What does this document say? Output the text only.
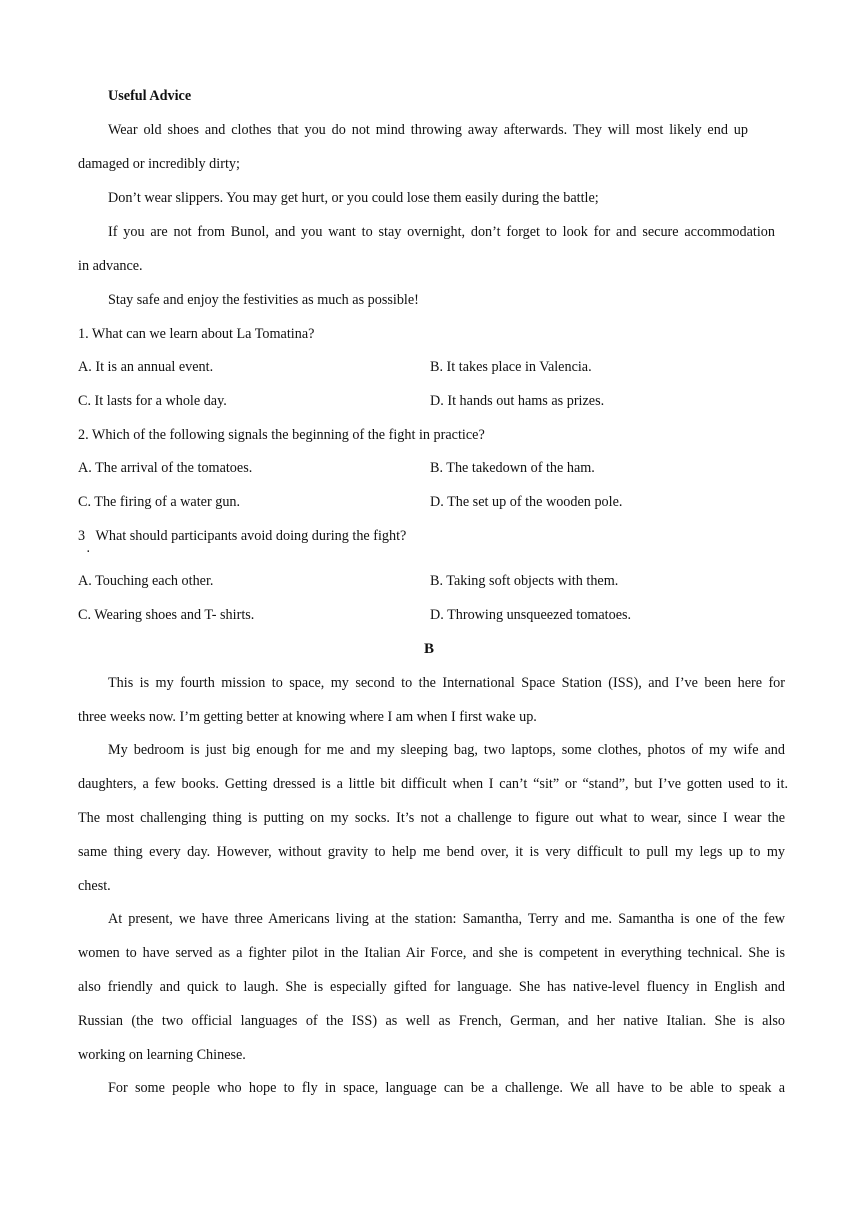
Useful Advice
Wear old shoes and clothes that you do not mind throwing away afterwards. They will most likely end up
damaged or incredibly dirty;
Don’t wear slippers. You may get hurt, or you could lose them easily during the battle;
If you are not from Bunol, and you want to stay overnight, don’t forget to look for and secure accommodation
in advance.
Stay safe and enjoy the festivities as much as possible!
1. What can we learn about La Tomatina?
A. It is an annual event.	B. It takes place in Valencia.
C. It lasts for a whole day.	D. It hands out hams as prizes.
2. Which of the following signals the beginning of the fight in practice?
A. The arrival of the tomatoes.	B. The takedown of the ham.
C. The firing of a water gun.	D. The set up of the wooden pole.
3   What should participants avoid doing during the fight?
.
A. Touching each other.	B. Taking soft objects with them.
C. Wearing shoes and T- shirts.	D. Throwing unsqueezed tomatoes.
B
This is my fourth mission to space, my second to the International Space Station (ISS), and I’ve been here for
three weeks now. I’m getting better at knowing where I am when I first wake up.
My bedroom is just big enough for me and my sleeping bag, two laptops, some clothes, photos of my wife and
daughters, a few books. Getting dressed is a little bit difficult when I can’t “sit” or “stand”, but I’ve gotten used to it.
The most challenging thing is putting on my socks. It’s not a challenge to figure out what to wear, since I wear the
same thing every day. However, without gravity to help me bend over, it is very difficult to pull my legs up to my
chest.
At present, we have three Americans living at the station: Samantha, Terry and me. Samantha is one of the few
women to have served as a fighter pilot in the Italian Air Force, and she is competent in everything technical. She is
also friendly and quick to laugh. She is especially gifted for language. She has native-level fluency in English and
Russian (the two official languages of the ISS) as well as French, German, and her native Italian. She is also
working on learning Chinese.
For some people who hope to fly in space, language can be a challenge. We all have to be able to speak a
